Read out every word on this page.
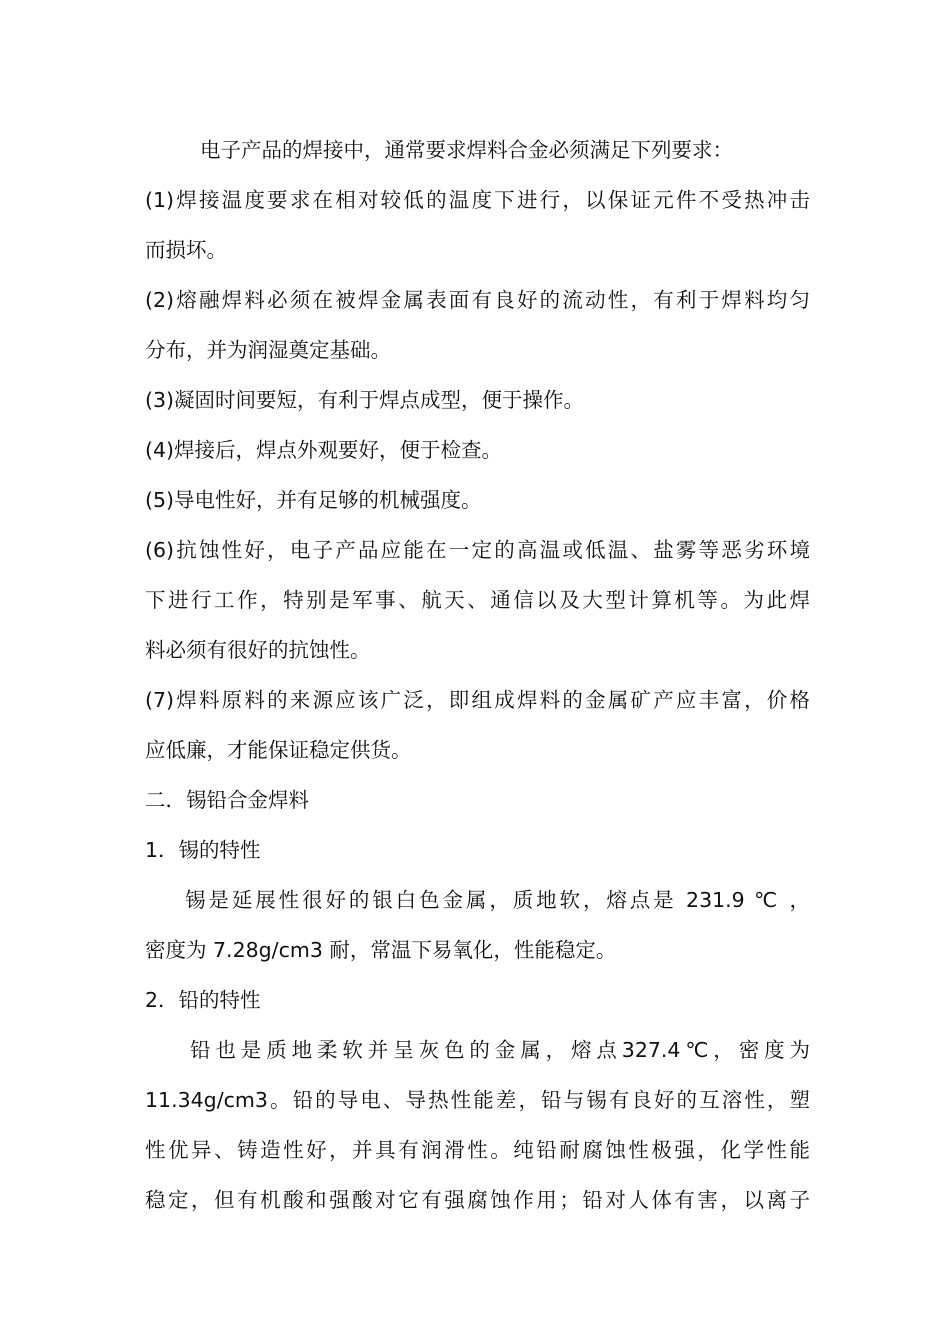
电子产品的焊接中，通常要求焊料合金必须满足下列要求：
(1)焊接温度要求在相对较低的温度下进行，以保证元件不受热冲击
而损坏。
(2)熔融焊料必须在被焊金属表面有良好的流动性，有利于焊料均匀
分布，并为润湿奠定基础。
(3)凝固时间要短，有利于焊点成型，便于操作。
(4)焊接后，焊点外观要好，便于检查。
(5)导电性好，并有足够的机械强度。
(6)抗蚀性好，电子产品应能在一定的高温或低温、盐雾等恶劣环境
下进行工作，特别是军事、航天、通信以及大型计算机等。为此焊
料必须有很好的抗蚀性。
(7)焊料原料的来源应该广泛，即组成焊料的金属矿产应丰富，价格
应低廉，才能保证稳定供货。
二．锡铅合金焊料
1．锡的特性
锡是延展性很好的银白色金属，质地软，熔点是 231.9 ℃ ，
密度为 7.28g/cm3 耐，常温下易氧化，性能稳定。
2．铅的特性
铅也是质地柔软并呈灰色的金属，熔点327.4℃，密度为
11.34g/cm3。铅的导电、导热性能差，铅与锡有良好的互溶性，塑
性优异、铸造性好，并具有润滑性。纯铅耐腐蚀性极强，化学性能
稳定，但有机酸和强酸对它有强腐蚀作用；铅对人体有害，以离子
